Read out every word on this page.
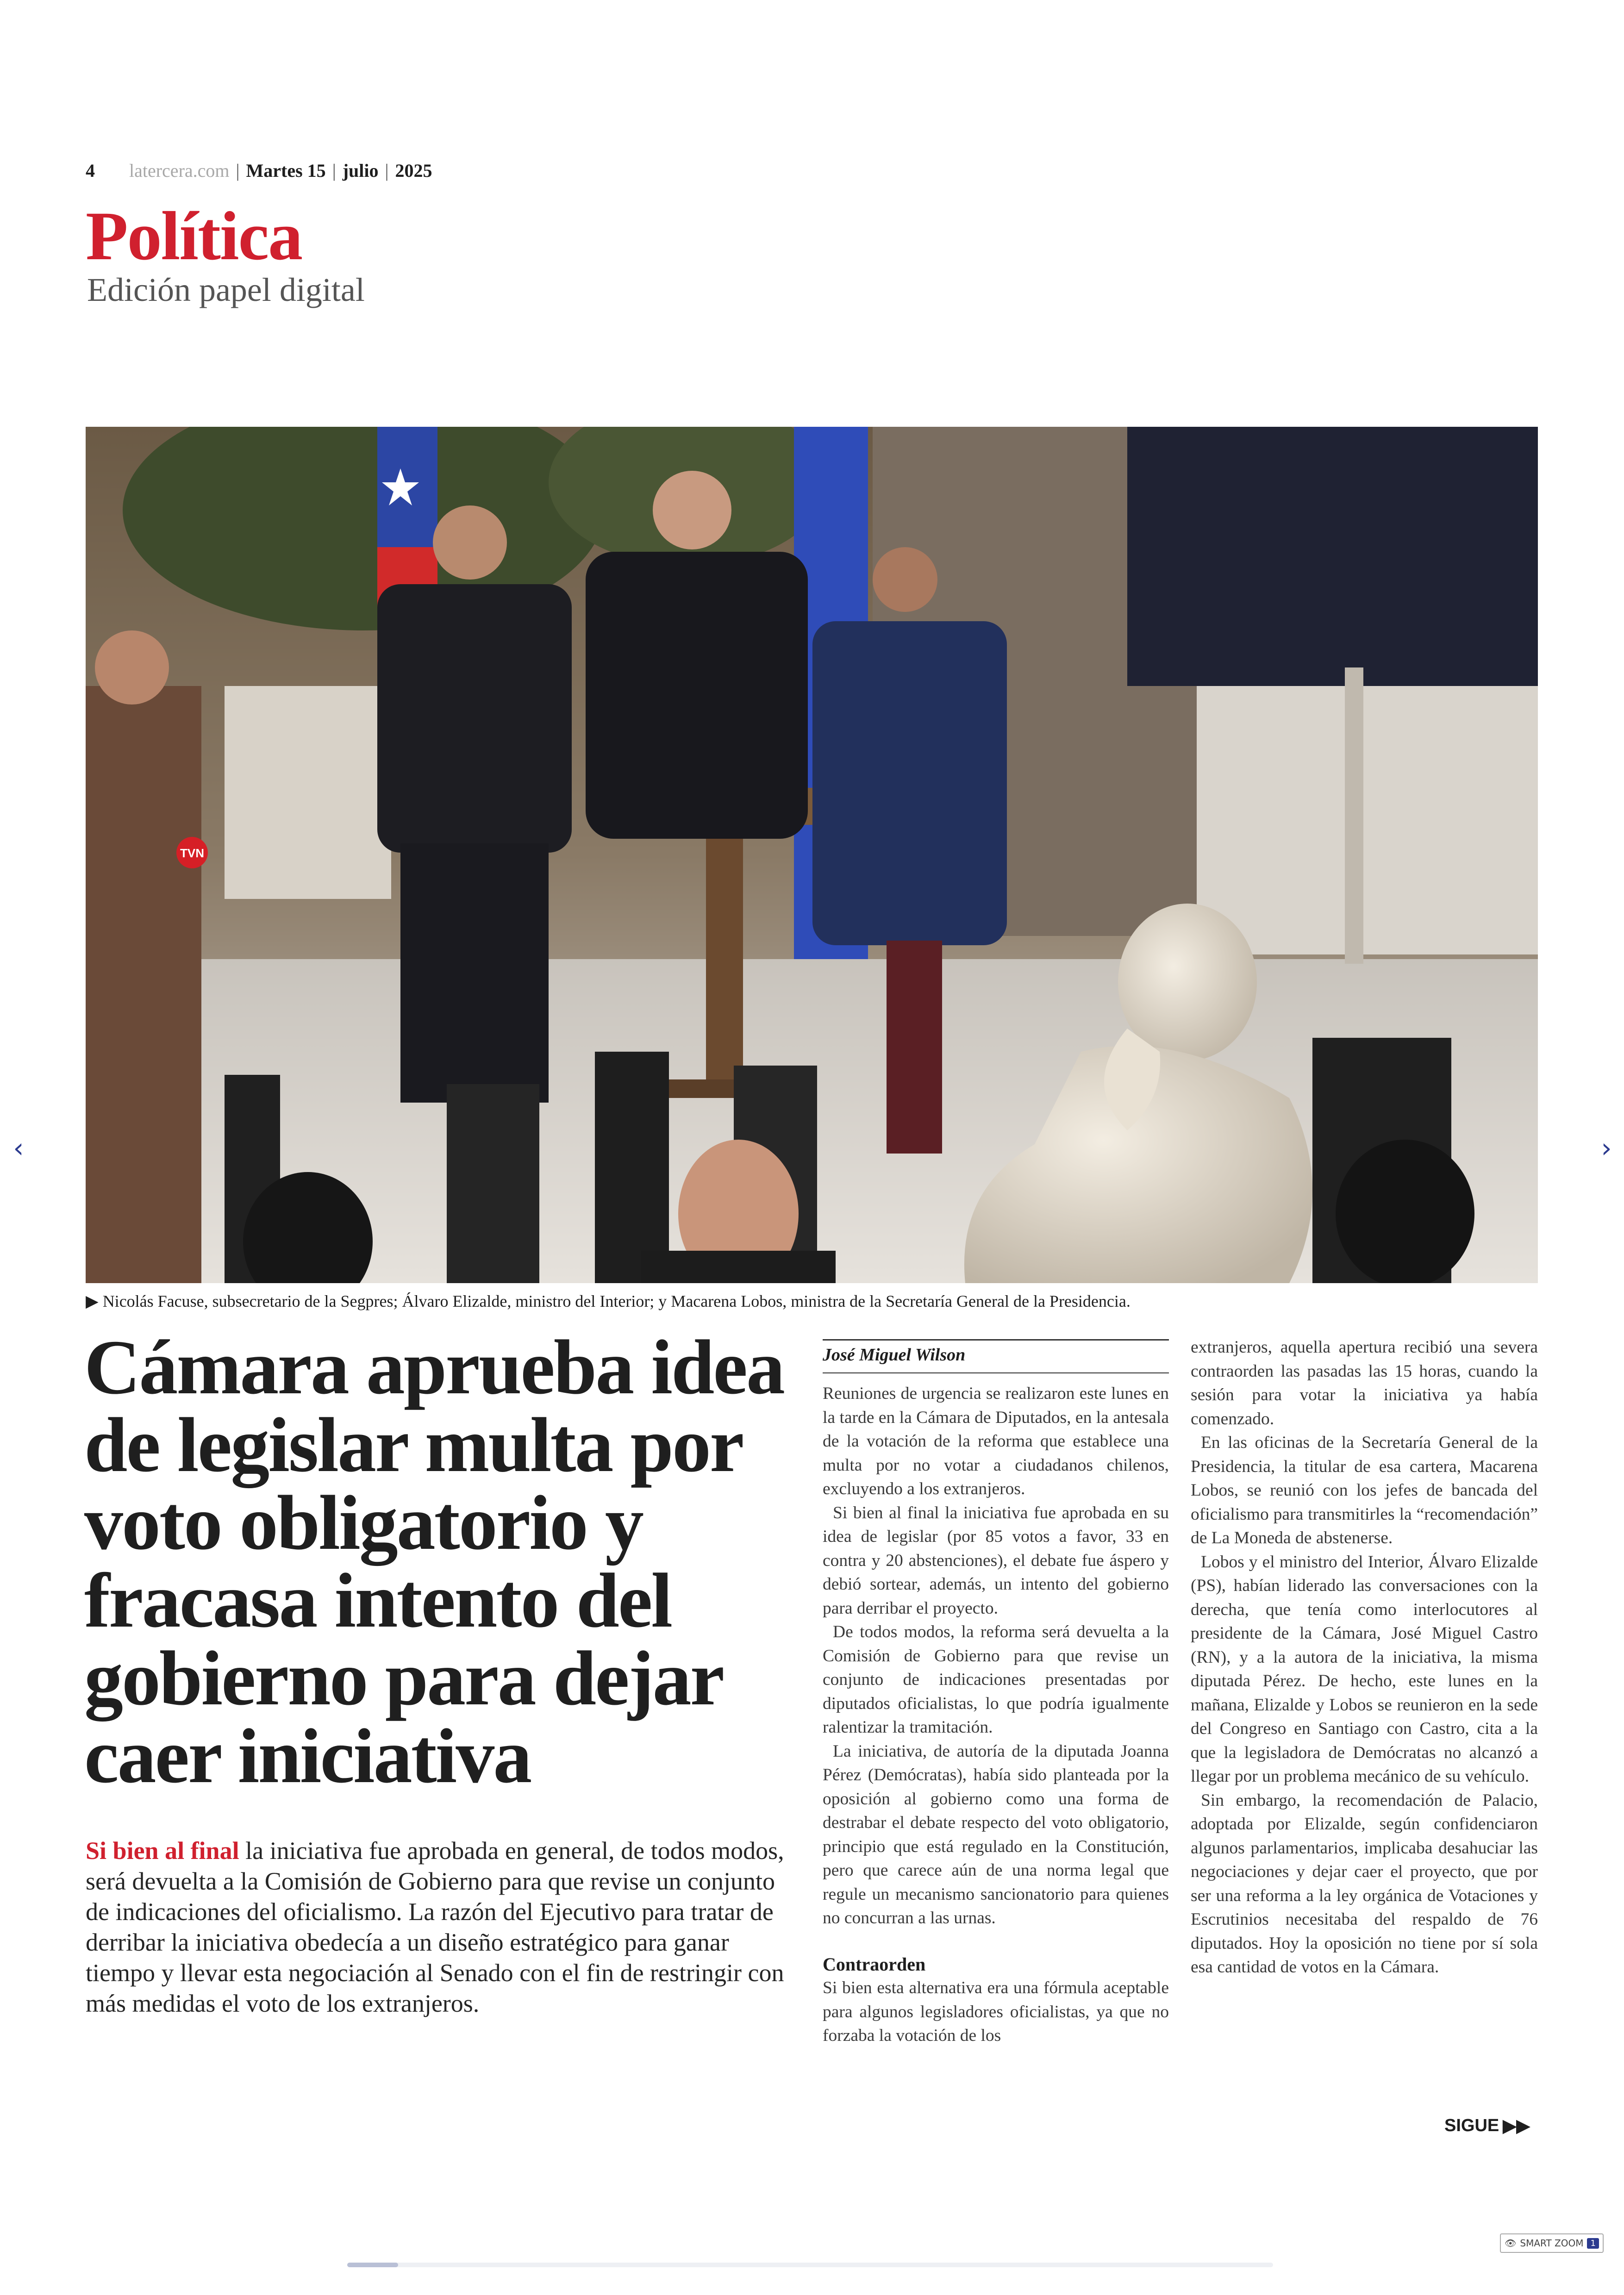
4 latercera.com | Martes 15 | julio | 2025
Política
Edición papel digital
TVN
▶ Nicolás Facuse, subsecretario de la Segpres; Álvaro Elizalde, ministro del Interior; y Macarena Lobos, ministra de la Secretaría General de la Presidencia.
Cámara aprueba idea de legislar multa por voto obligatorio y fracasa intento del gobierno para dejar caer iniciativa

Si bien al final la iniciativa fue aprobada en general, de todos modos, será devuelta a la Comisión de Gobierno para que revise un conjunto de indicaciones del oficialismo. La razón del Ejecutivo para tratar de derribar la iniciativa obedecía a un diseño estratégico para ganar tiempo y llevar esta negociación al Senado con el fin de restringir con más medidas el voto de los extranjeros.

José Miguel Wilson

Reuniones de urgencia se realizaron este lunes en la tarde en la Cámara de Diputados, en la antesala de la votación de la reforma que establece una multa por no votar a ciudadanos chilenos, excluyendo a los extranjeros.

Si bien al final la iniciativa fue aprobada en su idea de legislar (por 85 votos a favor, 33 en contra y 20 abstenciones), el debate fue áspero y debió sortear, además, un intento del gobierno para derribar el proyecto.

De todos modos, la reforma será devuelta a la Comisión de Gobierno para que revise un conjunto de indicaciones presentadas por diputados oficialistas, lo que podría igualmente ralentizar la tramitación.

La iniciativa, de autoría de la diputada Joanna Pérez (Demócratas), había sido planteada por la oposición al gobierno como una forma de destrabar el debate respecto del voto obligatorio, principio que está regulado en la Constitución, pero que carece aún de una norma legal que regule un mecanismo sancionatorio para quienes no concurran a las urnas.

Contraorden

Si bien esta alternativa era una fórmula aceptable para algunos legisladores oficialistas, ya que no forzaba la votación de los

extranjeros, aquella apertura recibió una severa contraorden las pasadas las 15 horas, cuando la sesión para votar la iniciativa ya había comenzado.

En las oficinas de la Secretaría General de la Presidencia, la titular de esa cartera, Macarena Lobos, se reunió con los jefes de bancada del oficialismo para transmitirles la “recomendación” de La Moneda de abstenerse.

Lobos y el ministro del Interior, Álvaro Elizalde (PS), habían liderado las conversaciones con la derecha, que tenía como interlocutores al presidente de la Cámara, José Miguel Castro (RN), y a la autora de la iniciativa, la misma diputada Pérez. De hecho, este lunes en la mañana, Elizalde y Lobos se reunieron en la sede del Congreso en Santiago con Castro, cita a la que la legisladora de Demócratas no alcanzó a llegar por un problema mecánico de su vehículo.

Sin embargo, la recomendación de Palacio, adoptada por Elizalde, según confidenciaron algunos parlamentarios, implicaba desahuciar las negociaciones y dejar caer el proyecto, que por ser una reforma a la ley orgánica de Votaciones y Escrutinios necesitaba del respaldo de 76 diputados. Hoy la oposición no tiene por sí sola esa cantidad de votos en la Cámara.

SIGUE ▶▶
‹	›
👁 SMART ZOOM 1
